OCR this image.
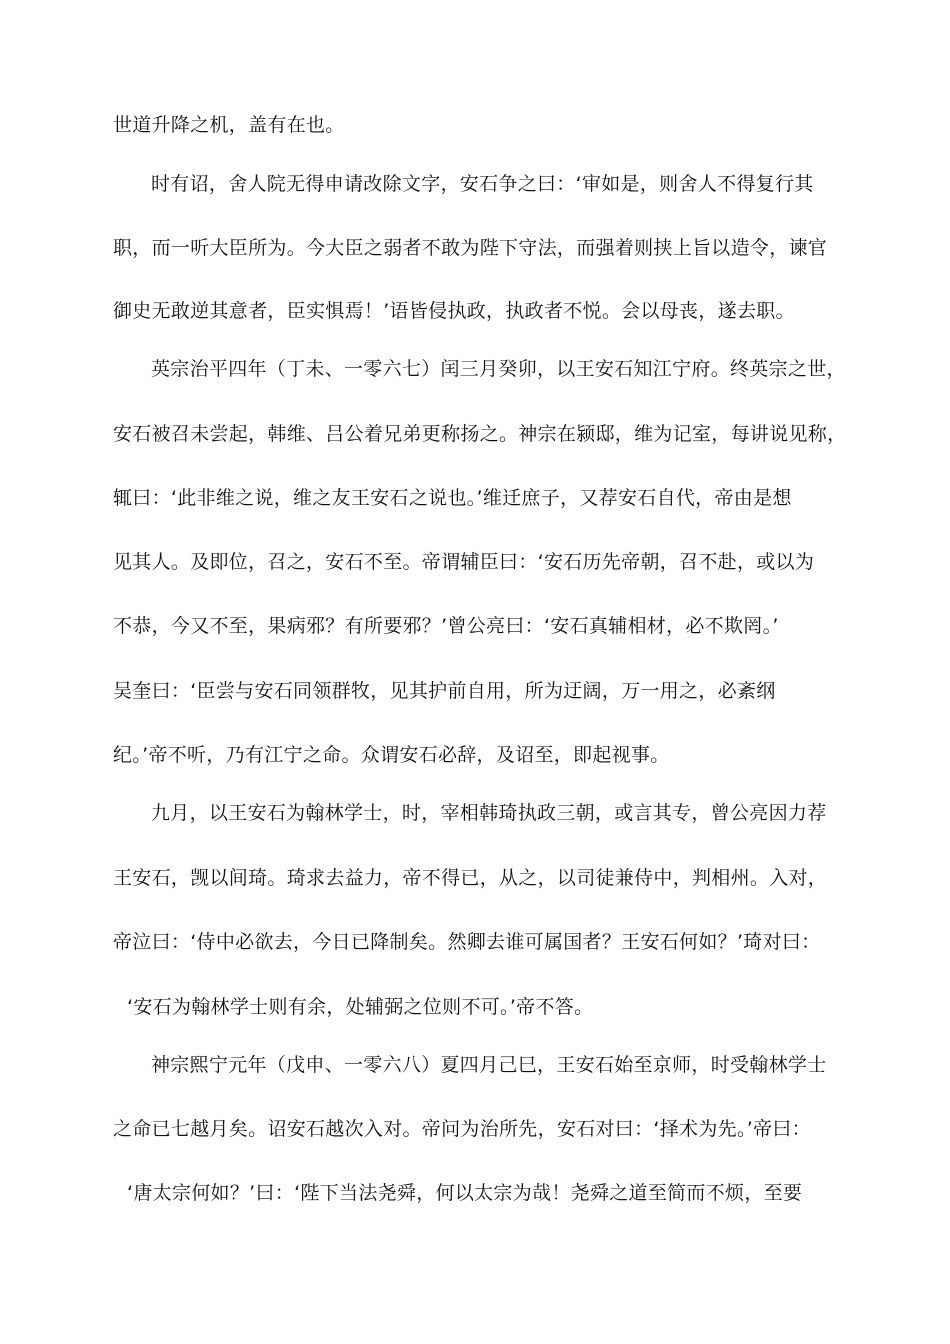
世道升降之机，盖有在也。

时有诏，舍人院无得申请改除文字，安石争之曰：‘审如是，则舍人不得复行其

职，而一听大臣所为。今大臣之弱者不敢为陛下守法，而强着则挟上旨以造令，谏官

御史无敢逆其意者，臣实惧焉！’语皆侵执政，执政者不悦。会以母丧，遂去职。

英宗治平四年（丁未、一零六七）闰三月癸卯，以王安石知江宁府。终英宗之世，

安石被召未尝起，韩维、吕公着兄弟更称扬之。神宗在颍邸，维为记室，每讲说见称，

辄曰：‘此非维之说，维之友王安石之说也。’维迁庶子，又荐安石自代，帝由是想

见其人。及即位，召之，安石不至。帝谓辅臣曰：‘安石历先帝朝，召不赴，或以为

不恭，今又不至，果病邪？有所要邪？’曾公亮曰：‘安石真辅相材，必不欺罔。’

吴奎曰：‘臣尝与安石同领群牧，见其护前自用，所为迂阔，万一用之，必紊纲

纪。’帝不听，乃有江宁之命。众谓安石必辞，及诏至，即起视事。

九月，以王安石为翰林学士，时，宰相韩琦执政三朝，或言其专，曾公亮因力荐

王安石，觊以间琦。琦求去益力，帝不得已，从之，以司徒兼侍中，判相州。入对，

帝泣曰：‘侍中必欲去，今日已降制矣。然卿去谁可属国者？王安石何如？’琦对曰：

‘安石为翰林学士则有余，处辅弼之位则不可。’帝不答。

神宗熙宁元年（戊申、一零六八）夏四月己巳，王安石始至京师，时受翰林学士

之命已七越月矣。诏安石越次入对。帝问为治所先，安石对曰：‘择术为先。’帝曰：

‘唐太宗何如？’曰：‘陛下当法尧舜，何以太宗为哉！尧舜之道至简而不烦，至要
